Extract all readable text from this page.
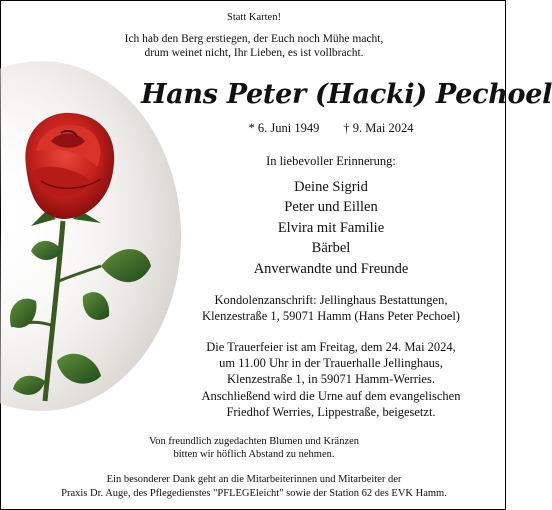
Statt Karten!
Ich hab den Berg erstiegen, der Euch noch Mühe macht,
drum weinet nicht, Ihr Lieben, es ist vollbracht.
Hans Peter (Hacki) Pechoel
* 6. Juni 1949 † 9. Mai 2024
In liebevoller Erinnerung:
Deine Sigrid
Peter und Eillen
Elvira mit Familie
Bärbel
Anverwandte und Freunde
Kondolenzanschrift: Jellinghaus Bestattungen,
Klenzestraße 1, 59071 Hamm (Hans Peter Pechoel)
Die Trauerfeier ist am Freitag, dem 24. Mai 2024,
um 11.00 Uhr in der Trauerhalle Jellinghaus,
Klenzestraße 1, in 59071 Hamm-Werries.
Anschließend wird die Urne auf dem evangelischen
Friedhof Werries, Lippestraße, beigesetzt.
Von freundlich zugedachten Blumen und Kränzen
bitten wir höflich Abstand zu nehmen.
Ein besonderer Dank geht an die Mitarbeiterinnen und Mitarbeiter der
Praxis Dr. Auge, des Pflegedienstes "PFLEGEleicht" sowie der Station 62 des EVK Hamm.
